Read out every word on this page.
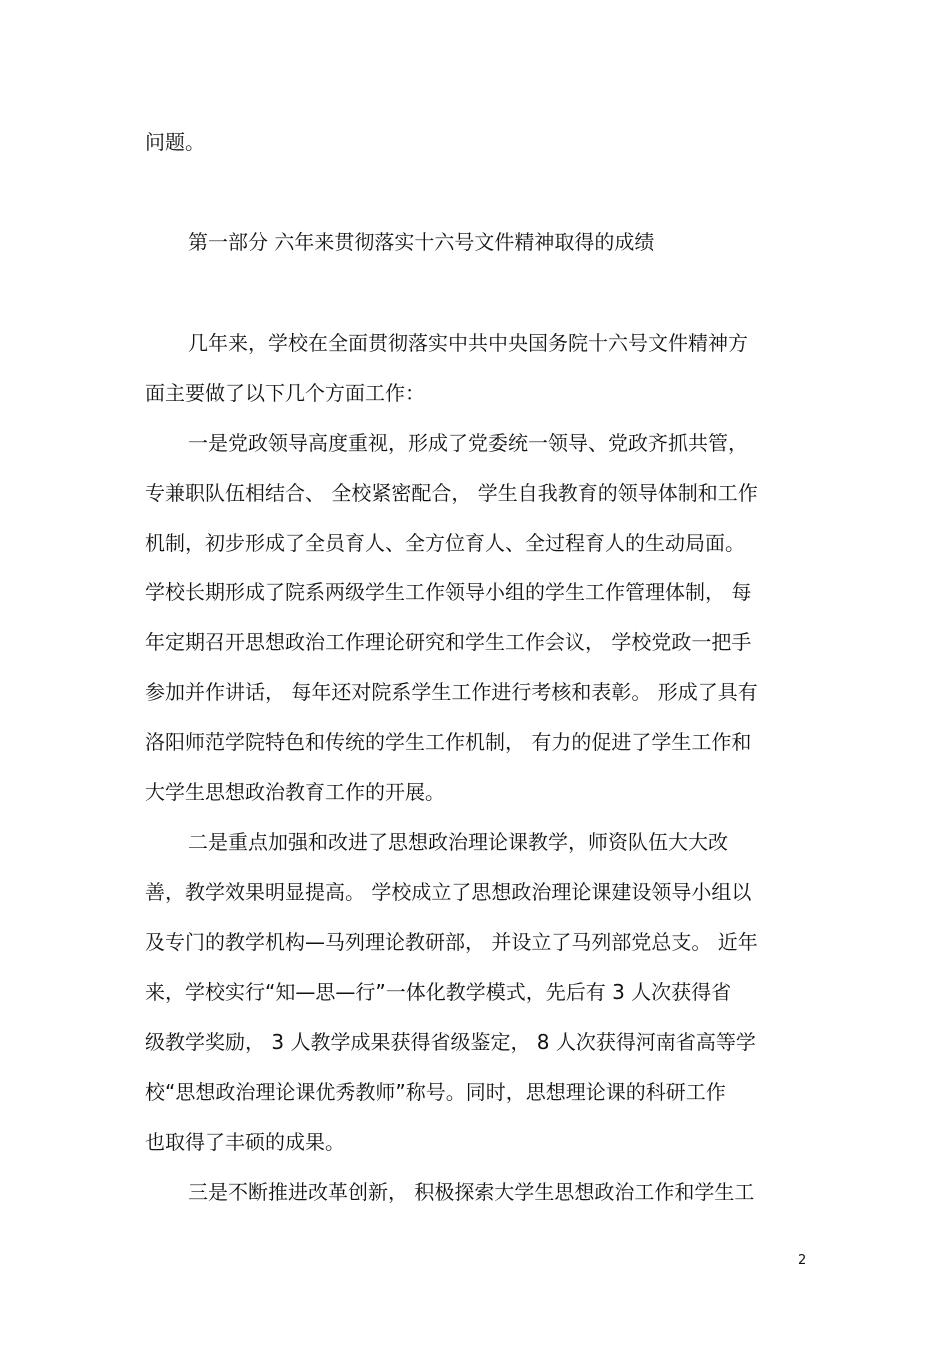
问题。
第一部分 六年来贯彻落实十六号文件精神取得的成绩
几年来，学校在全面贯彻落实中共中央国务院十六号文件精神方
面主要做了以下几个方面工作：
一是党政领导高度重视，形成了党委统一领导、党政齐抓共管，
专兼职队伍相结合、 全校紧密配合， 学生自我教育的领导体制和工作
机制，初步形成了全员育人、全方位育人、全过程育人的生动局面。
学校长期形成了院系两级学生工作领导小组的学生工作管理体制， 每
年定期召开思想政治工作理论研究和学生工作会议， 学校党政一把手
参加并作讲话， 每年还对院系学生工作进行考核和表彰。 形成了具有
洛阳师范学院特色和传统的学生工作机制， 有力的促进了学生工作和
大学生思想政治教育工作的开展。
二是重点加强和改进了思想政治理论课教学，师资队伍大大改
善，教学效果明显提高。 学校成立了思想政治理论课建设领导小组以
及专门的教学机构—马列理论教研部， 并设立了马列部党总支。 近年
来，学校实行“知—思—行”一体化教学模式，先后有 3 人次获得省
级教学奖励， 3 人教学成果获得省级鉴定， 8 人次获得河南省高等学
校“思想政治理论课优秀教师”称号。同时，思想理论课的科研工作
也取得了丰硕的成果。
三是不断推进改革创新， 积极探索大学生思想政治工作和学生工
2
